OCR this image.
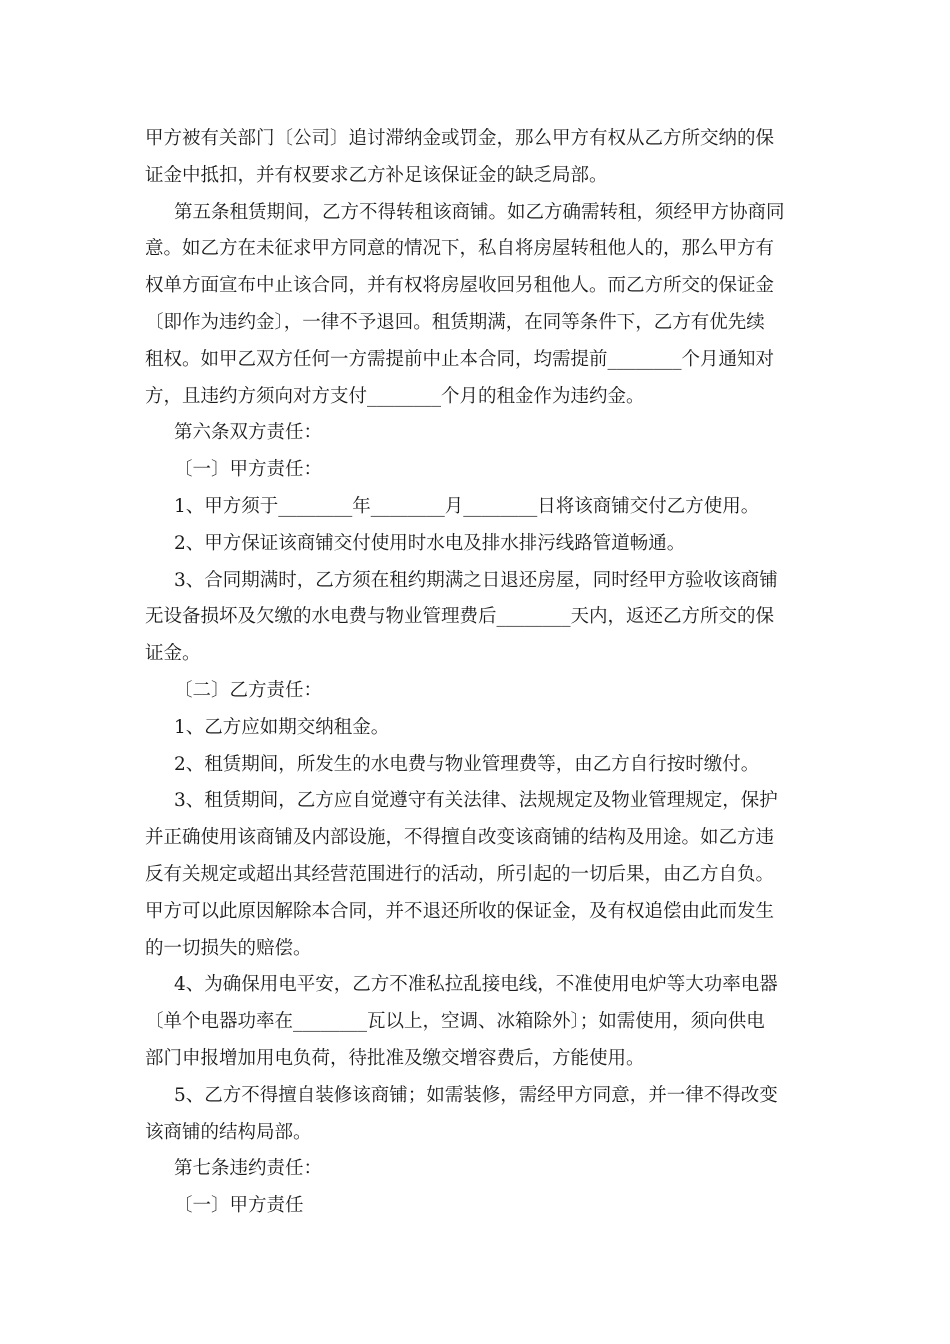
甲方被有关部门〔公司〕追讨滞纳金或罚金，那么甲方有权从乙方所交纳的保
证金中抵扣，并有权要求乙方补足该保证金的缺乏局部。

第五条租赁期间，乙方不得转租该商铺。如乙方确需转租，须经甲方协商同
意。如乙方在未征求甲方同意的情况下，私自将房屋转租他人的，那么甲方有
权单方面宣布中止该合同，并有权将房屋收回另租他人。而乙方所交的保证金
〔即作为违约金〕，一律不予退回。租赁期满，在同等条件下，乙方有优先续
租权。如甲乙双方任何一方需提前中止本合同，均需提前________个月通知对
方，且违约方须向对方支付________个月的租金作为违约金。

第六条双方责任：

〔一〕甲方责任：

1、甲方须于________年________月________日将该商铺交付乙方使用。

2、甲方保证该商铺交付使用时水电及排水排污线路管道畅通。

3、合同期满时，乙方须在租约期满之日退还房屋，同时经甲方验收该商铺
无设备损坏及欠缴的水电费与物业管理费后________天内，返还乙方所交的保
证金。

〔二〕乙方责任：

1、乙方应如期交纳租金。

2、租赁期间，所发生的水电费与物业管理费等，由乙方自行按时缴付。

3、租赁期间，乙方应自觉遵守有关法律、法规规定及物业管理规定，保护
并正确使用该商铺及内部设施，不得擅自改变该商铺的结构及用途。如乙方违
反有关规定或超出其经营范围进行的活动，所引起的一切后果，由乙方自负。
甲方可以此原因解除本合同，并不退还所收的保证金，及有权追偿由此而发生
的一切损失的赔偿。

4、为确保用电平安，乙方不准私拉乱接电线，不准使用电炉等大功率电器
〔单个电器功率在________瓦以上，空调、冰箱除外〕；如需使用，须向供电
部门申报增加用电负荷，待批准及缴交增容费后，方能使用。

5、乙方不得擅自装修该商铺；如需装修，需经甲方同意，并一律不得改变
该商铺的结构局部。

第七条违约责任：

〔一〕甲方责任
